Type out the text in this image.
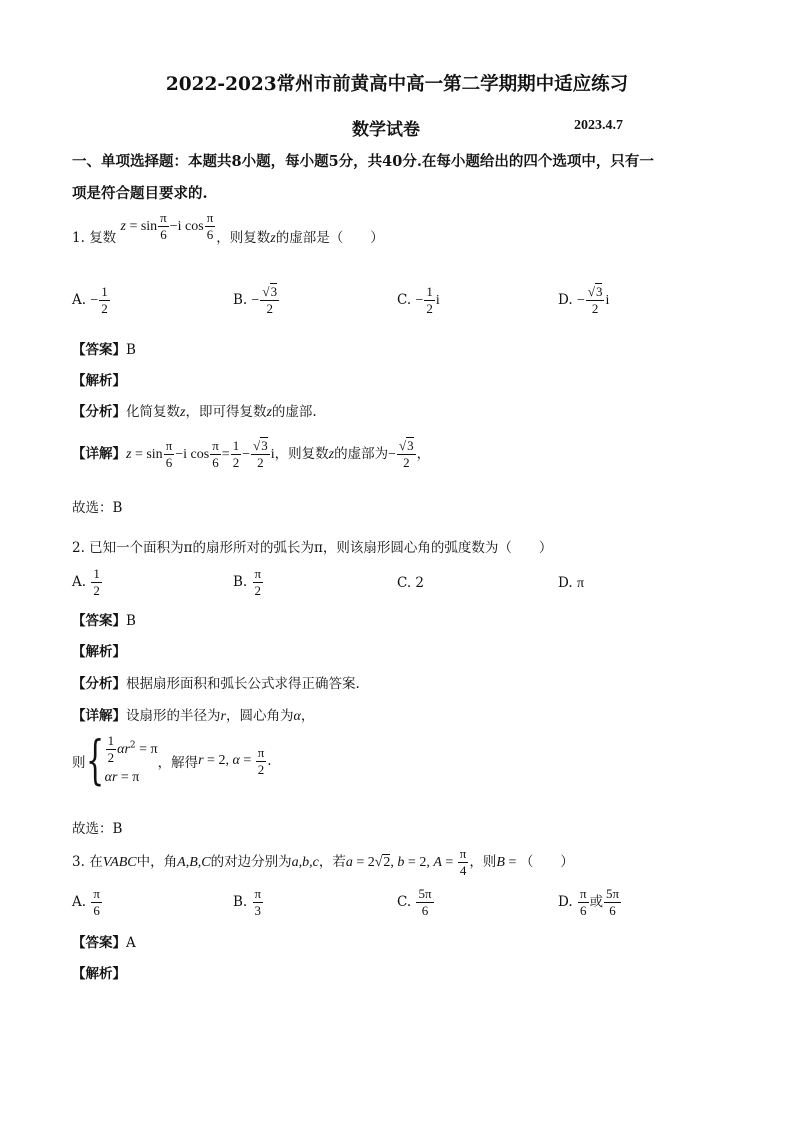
2022-2023常州市前黄高中高一第二学期期中适应练习
数学试卷	2023.4.7
一、单项选择题：本题共8小题，每小题5分，共40分.在每小题给出的四个选项中，只有一
项是符合题目要求的.
1. 复数 $z = \sin \frac{\pi}{6} -i$ $\cos \frac{\pi}{6}$ ，则复数z的虚部是（　　）
A. − $\frac{1}{2}$	B. − $\frac{√3}{2}$	C. − $\frac{1}{2}$ i	D. − $\frac{√3}{2}$ i
【答案】B
【解析】
【分析】化简复数z，即可得复数z的虚部.
【详解】$z = \sin \frac{\pi}{6} -i$ $\cos \frac{\pi}{6} = \frac{1}{2} - \frac{√3}{2}$ i，则复数z的虚部为− $\frac{√3}{2}$ ，
故选：B
2. 已知一个面积为π的扇形所对的弧长为π，则该扇形圆心角的弧度数为（　　）
A. $\frac{1}{2}$	B. $\frac{\pi}{2}$	C. 2	D. π
【答案】B
【解析】
【分析】根据扇形面积和弧长公式求得正确答案.
【详解】设扇形的半径为r，圆心角为α，
则{ $\frac{1}{2} \alpha r^2 = \pi$
αr = π
，解得r = 2, $\alpha = \frac{\pi}{2}$ .
故选：B
3. 在VABC中，角A,B,C的对边分别为a,b,c，若a = 2√2, b = 2, $A = \frac{\pi}{4}$ ，则B = （　　）
A. $\frac{\pi}{6}$	B. $\frac{\pi}{3}$	C. $\frac{5\pi}{6}$	D. $\frac{\pi}{6}$ 或 $\frac{5\pi}{6}$
【答案】A
【解析】
